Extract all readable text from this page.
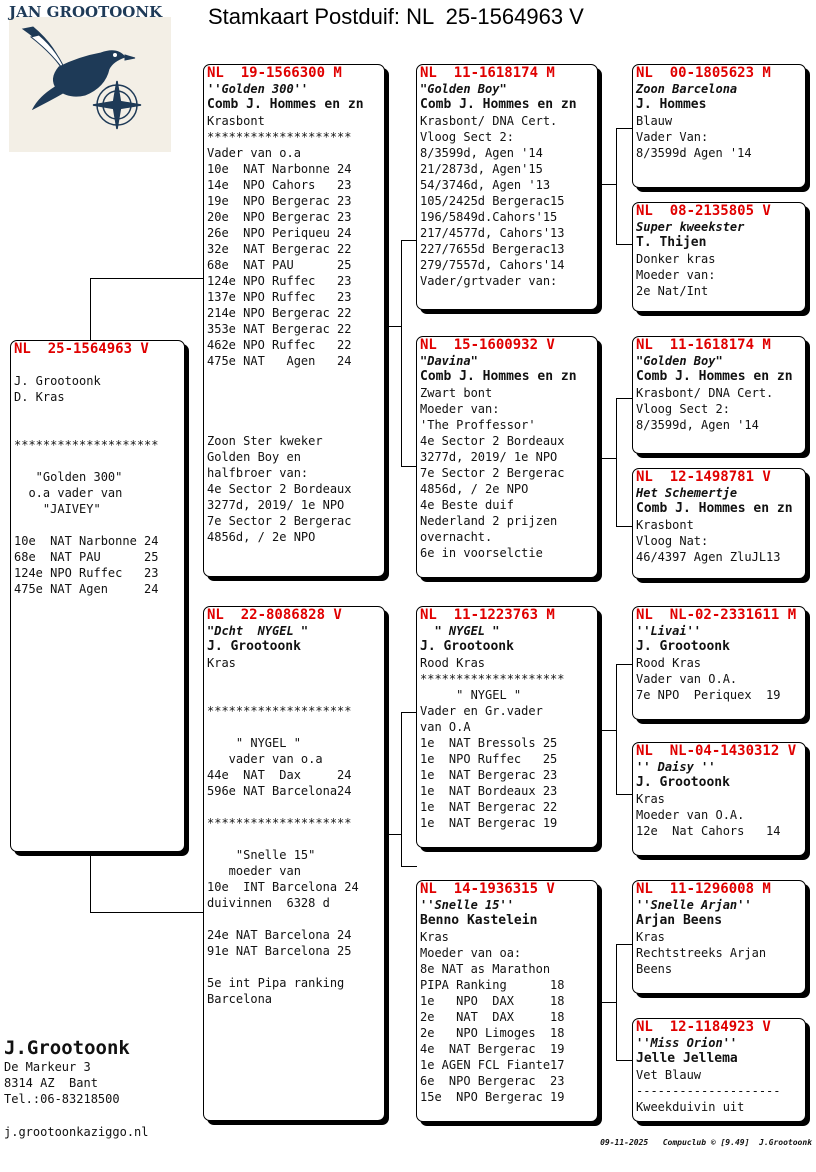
Stamkaart Postduif: NL  25-1564963 V
JAN GROOTOONK
NL  25-1564963 V
J. Grootoonk
D. Kras
********************
"Golden 300"
o.a vader van
"JAIVEY"
10e  NAT Narbonne 24
68e  NAT PAU      25
124e NPO Ruffec   23
475e NAT Agen     24
NL  19-1566300 M
''Golden 300''
Comb J. Hommes en zn
Krasbont
********************
Vader van o.a
10e  NAT Narbonne 24
14e  NPO Cahors   23
19e  NPO Bergerac 23
20e  NPO Bergerac 23
26e  NPO Periqueu 24
32e  NAT Bergerac 22
68e  NAT PAU      25
124e NPO Ruffec   23
137e NPO Ruffec   23
214e NPO Bergerac 22
353e NAT Bergerac 22
462e NPO Ruffec   22
475e NAT   Agen   24
Zoon Ster kweker
Golden Boy en
halfbroer van:
4e Sector 2 Bordeaux
3277d, 2019/ 1e NPO
7e Sector 2 Bergerac
4856d, / 2e NPO
NL  22-8086828 V
"Dcht  NYGEL "
J. Grootoonk
Kras
********************
" NYGEL "
vader van o.a
44e  NAT  Dax     24
596e NAT Barcelona24
********************
"Snelle 15"
moeder van
10e  INT Barcelona 24
duivinnen  6328 d
24e NAT Barcelona 24
91e NAT Barcelona 25
5e int Pipa ranking
Barcelona
NL  11-1618174 M
"Golden Boy"
Comb J. Hommes en zn
Krasbont/ DNA Cert.
Vloog Sect 2:
8/3599d, Agen '14
21/2873d, Agen'15
54/3746d, Agen '13
105/2425d Bergerac15
196/5849d.Cahors'15
217/4577d, Cahors'13
227/7655d Bergerac13
279/7557d, Cahors'14
Vader/grtvader van:
NL  15-1600932 V
"Davina"
Comb J. Hommes en zn
Zwart bont
Moeder van:
'The Proffessor'
4e Sector 2 Bordeaux
3277d, 2019/ 1e NPO
7e Sector 2 Bergerac
4856d, / 2e NPO
4e Beste duif
Nederland 2 prijzen
overnacht.
6e in voorselctie
NL  11-1223763 M
" NYGEL "
J. Grootoonk
Rood Kras
********************
" NYGEL "
Vader en Gr.vader
van O.A
1e  NAT Bressols 25
1e  NPO Ruffec   25
1e  NAT Bergerac 23
1e  NAT Bordeaux 23
1e  NAT Bergerac 22
1e  NAT Bergerac 19
NL  14-1936315 V
''Snelle 15''
Benno Kastelein
Kras
Moeder van oa:
8e NAT as Marathon
PIPA Ranking      18
1e   NPO  DAX     18
2e   NAT  DAX     18
2e   NPO Limoges  18
4e  NAT Bergerac  19
1e AGEN FCL Fiante17
6e  NPO Bergerac  23
15e  NPO Bergerac 19
NL  00-1805623 M
Zoon Barcelona
J. Hommes
Blauw
Vader Van:
8/3599d Agen '14
NL  08-2135805 V
Super kweekster
T. Thijen
Donker kras
Moeder van:
2e Nat/Int
NL  11-1618174 M
"Golden Boy"
Comb J. Hommes en zn
Krasbont/ DNA Cert.
Vloog Sect 2:
8/3599d, Agen '14
NL  12-1498781 V
Het Schemertje
Comb J. Hommes en zn
Krasbont
Vloog Nat:
46/4397 Agen ZluJL13
NL  NL-02-2331611 M
''Livai''
J. Grootoonk
Rood Kras
Vader van O.A.
7e NPO  Periquex  19
NL  NL-04-1430312 V
'' Daisy ''
J. Grootoonk
Kras
Moeder van O.A.
12e  Nat Cahors   14
NL  11-1296008 M
''Snelle Arjan''
Arjan Beens
Kras
Rechtstreeks Arjan
Beens
NL  12-1184923 V
''Miss Orion''
Jelle Jellema
Vet Blauw
--------------------
Kweekduivin uit
J.Grootoonk
De Markeur 3
8314 AZ  Bant
Tel.:06-83218500
j.grootoonkaziggo.nl
09-11-2025   Compuclub © [9.49]  J.Grootoonk
